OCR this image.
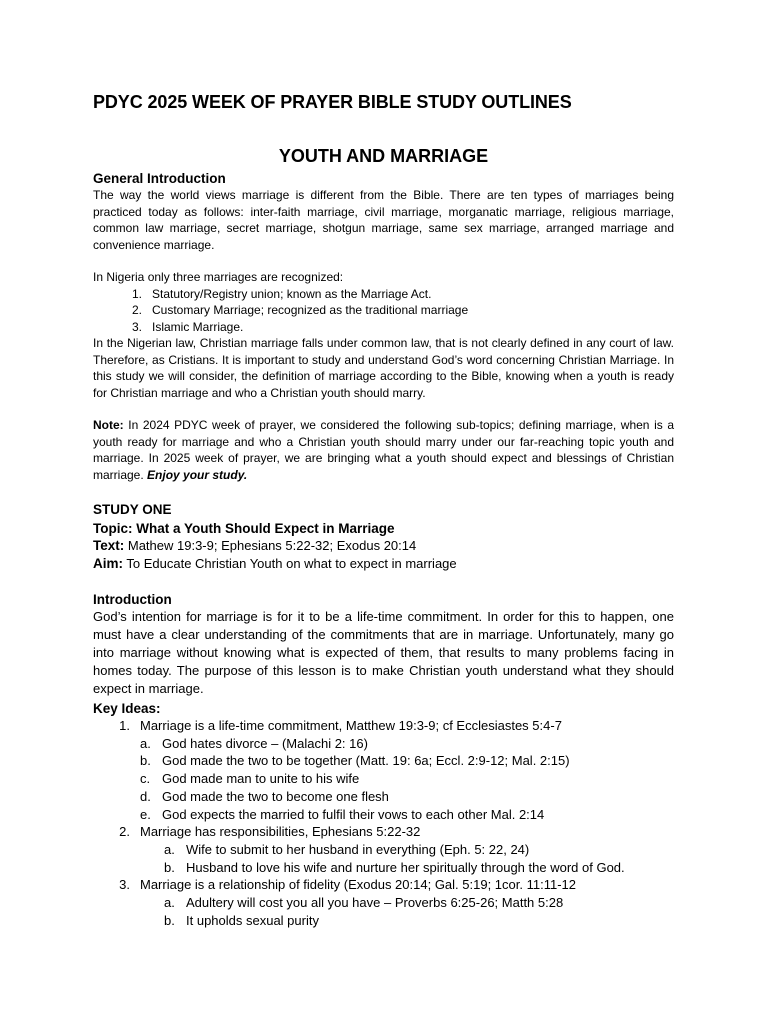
PDYC 2025 WEEK OF PRAYER BIBLE STUDY OUTLINES
YOUTH AND MARRIAGE
General Introduction

The way the world views marriage is different from the Bible. There are ten types of marriages being practiced today as follows: inter-faith marriage, civil marriage, morganatic marriage, religious marriage, common law marriage, secret marriage, shotgun marriage, same sex marriage, arranged marriage and convenience marriage.

In Nigeria only three marriages are recognized:

1. Statutory/Registry union; known as the Marriage Act.
2. Customary Marriage; recognized as the traditional marriage
3. Islamic Marriage.

In the Nigerian law, Christian marriage falls under common law, that is not clearly defined in any court of law. Therefore, as Cristians. It is important to study and understand God’s word concerning Christian Marriage. In this study we will consider, the definition of marriage according to the Bible, knowing when a youth is ready for Christian marriage and who a Christian youth should marry.

Note: In 2024 PDYC week of prayer, we considered the following sub-topics; defining marriage, when is a youth ready for marriage and who a Christian youth should marry under our far-reaching topic youth and marriage. In 2025 week of prayer, we are bringing what a youth should expect and blessings of Christian marriage. Enjoy your study.

STUDY ONE
Topic: What a Youth Should Expect in Marriage

Text: Mathew 19:3-9; Ephesians 5:22-32; Exodus 20:14

Aim: To Educate Christian Youth on what to expect in marriage

Introduction

God’s intention for marriage is for it to be a life-time commitment. In order for this to happen, one must have a clear understanding of the commitments that are in marriage. Unfortunately, many go into marriage without knowing what is expected of them, that results to many problems facing in homes today. The purpose of this lesson is to make Christian youth understand what they should expect in marriage.

Key Ideas:
1. Marriage is a life-time commitment, Matthew 19:3-9; cf Ecclesiastes 5:4-7
a. God hates divorce – (Malachi 2: 16)
b. God made the two to be together (Matt. 19: 6a; Eccl. 2:9-12; Mal. 2:15)
c. God made man to unite to his wife
d. God made the two to become one flesh
e. God expects the married to fulfil their vows to each other Mal. 2:14
2. Marriage has responsibilities, Ephesians 5:22-32
a. Wife to submit to her husband in everything (Eph. 5: 22, 24)
b. Husband to love his wife and nurture her spiritually through the word of God.
3. Marriage is a relationship of fidelity (Exodus 20:14; Gal. 5:19; 1cor. 11:11-12
a. Adultery will cost you all you have – Proverbs 6:25-26; Matth 5:28
b. It upholds sexual purity
